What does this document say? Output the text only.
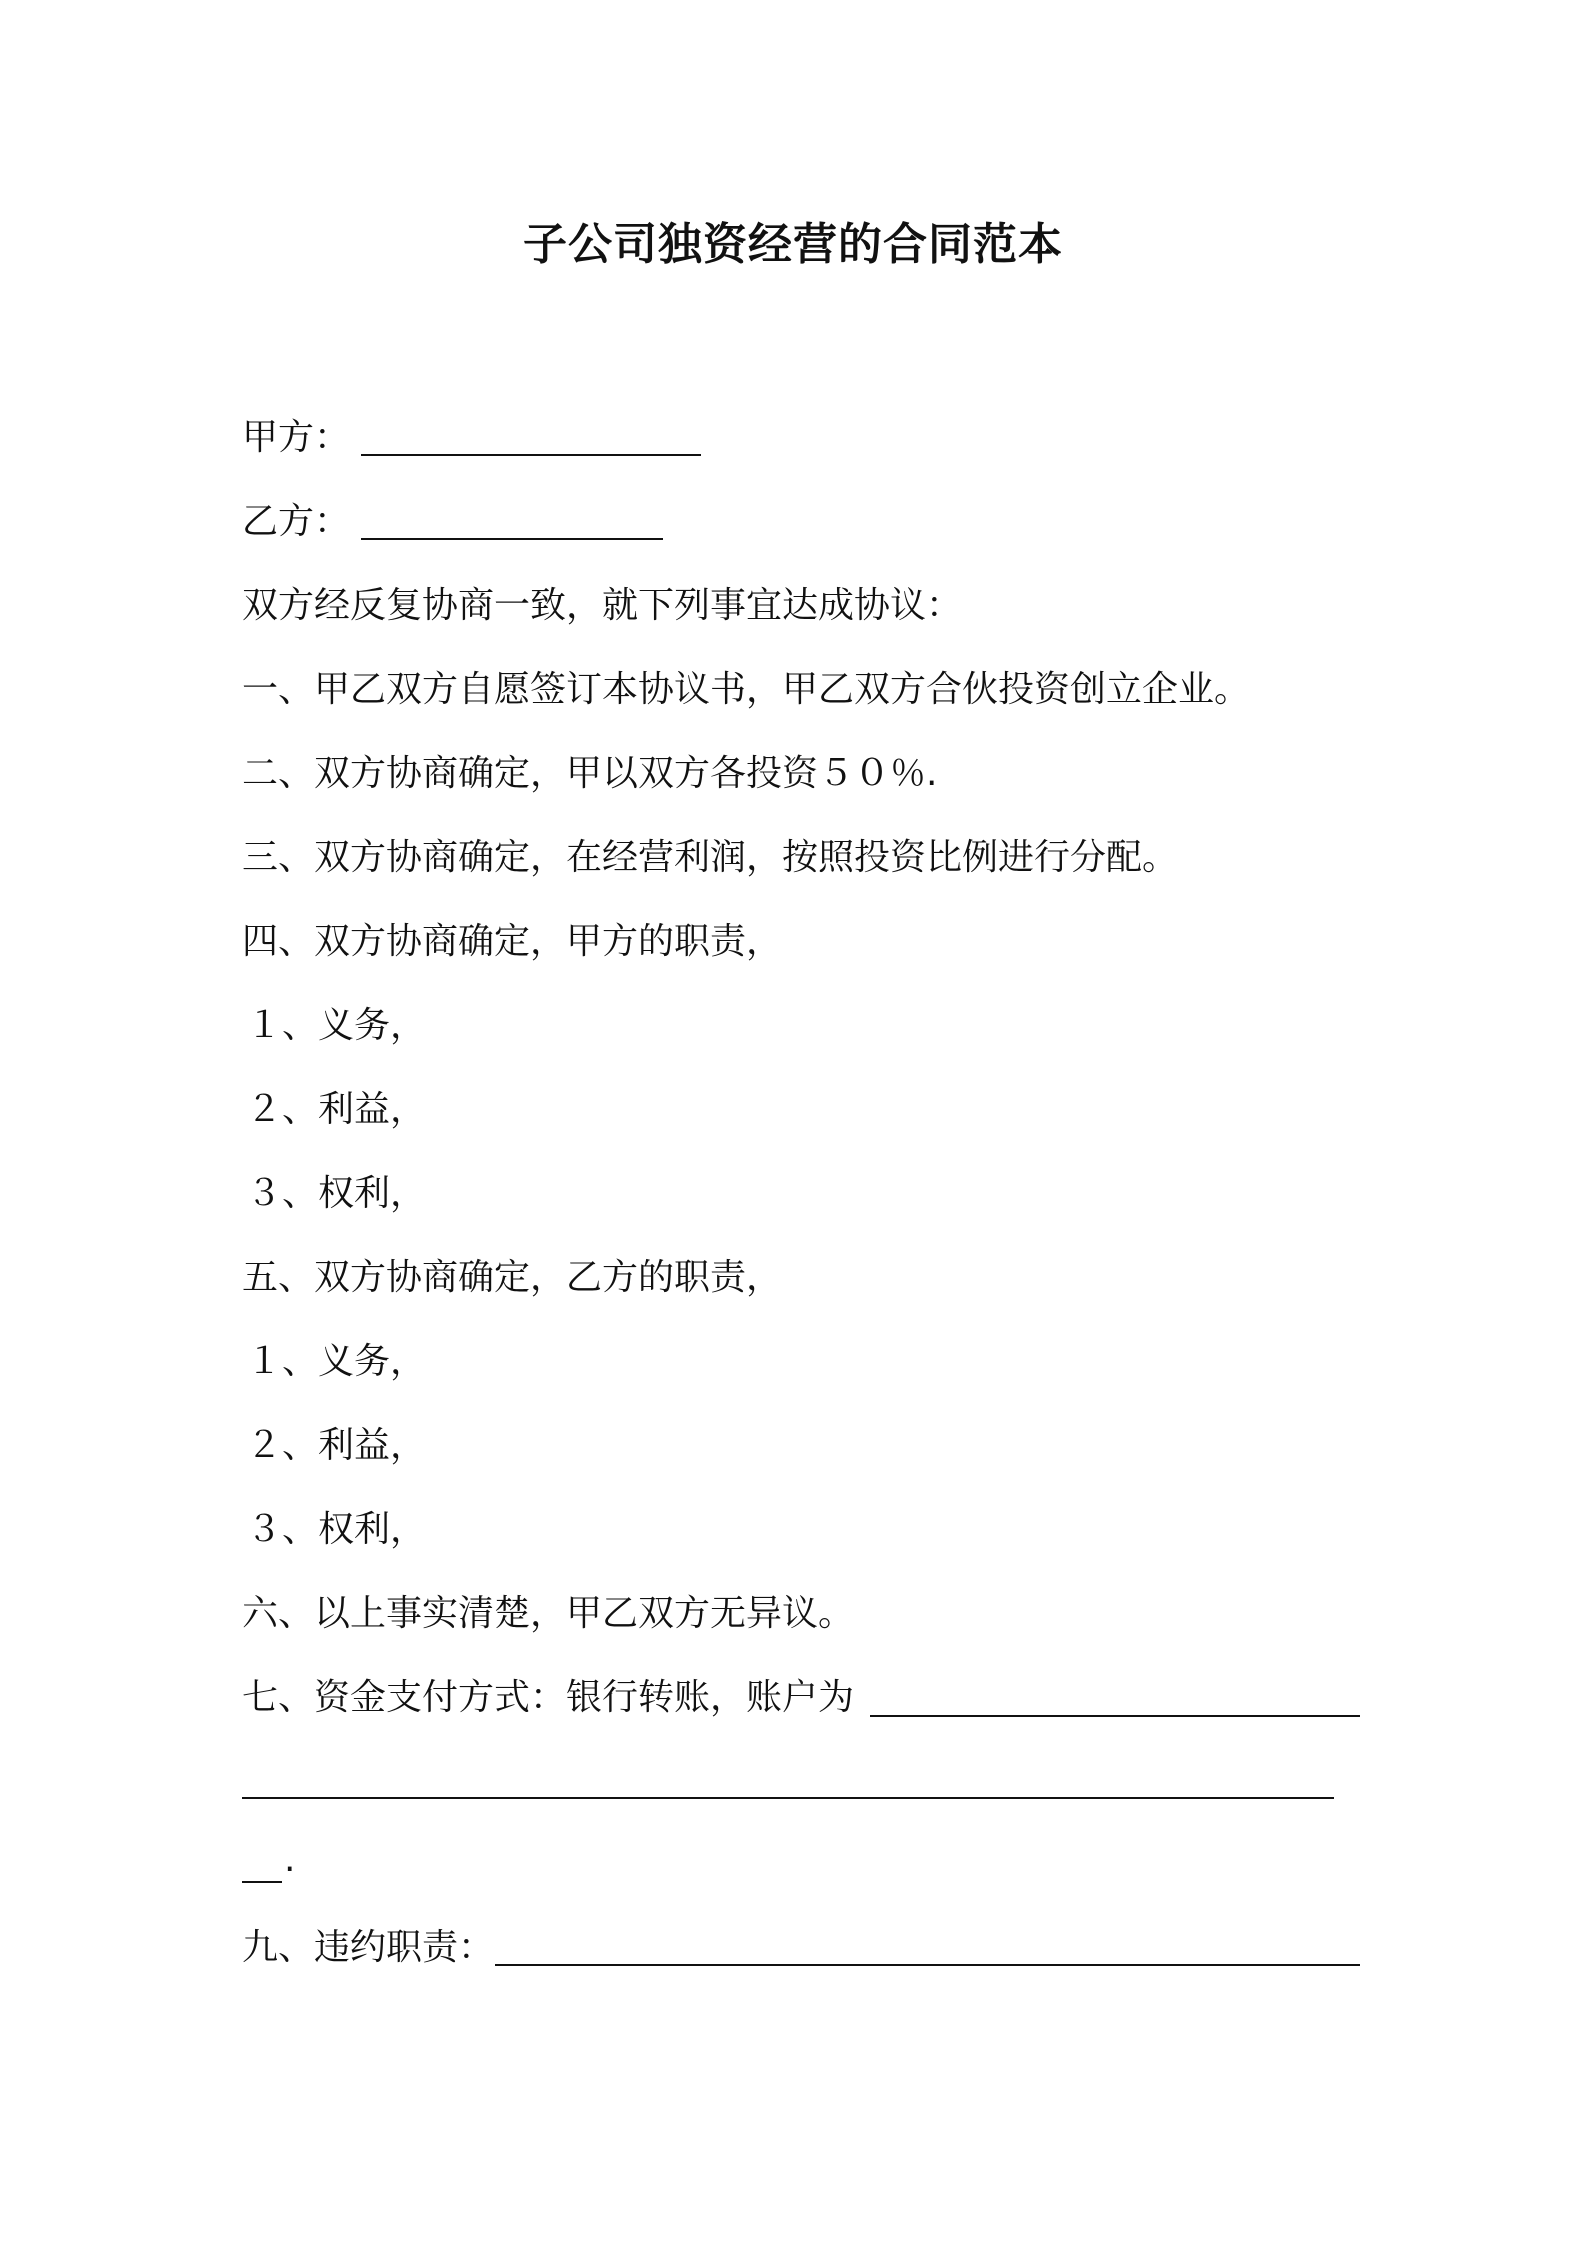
子公司独资经营的合同范本
甲方：
乙方：
双方经反复协商一致，就下列事宜达成协议：
一、甲乙双方自愿签订本协议书，甲乙双方合伙投资创立企业。
二、双方协商确定，甲以双方各投资５０％.
三、双方协商确定，在经营利润，按照投资比例进行分配。
四、双方协商确定，甲方的职责，
１、义务，
２、利益，
３、权利，
五、双方协商确定，乙方的职责，
１、义务，
２、利益，
３、权利，
六、以上事实清楚，甲乙双方无异议。
七、资金支付方式：银行转账，账户为
.
九、违约职责：
